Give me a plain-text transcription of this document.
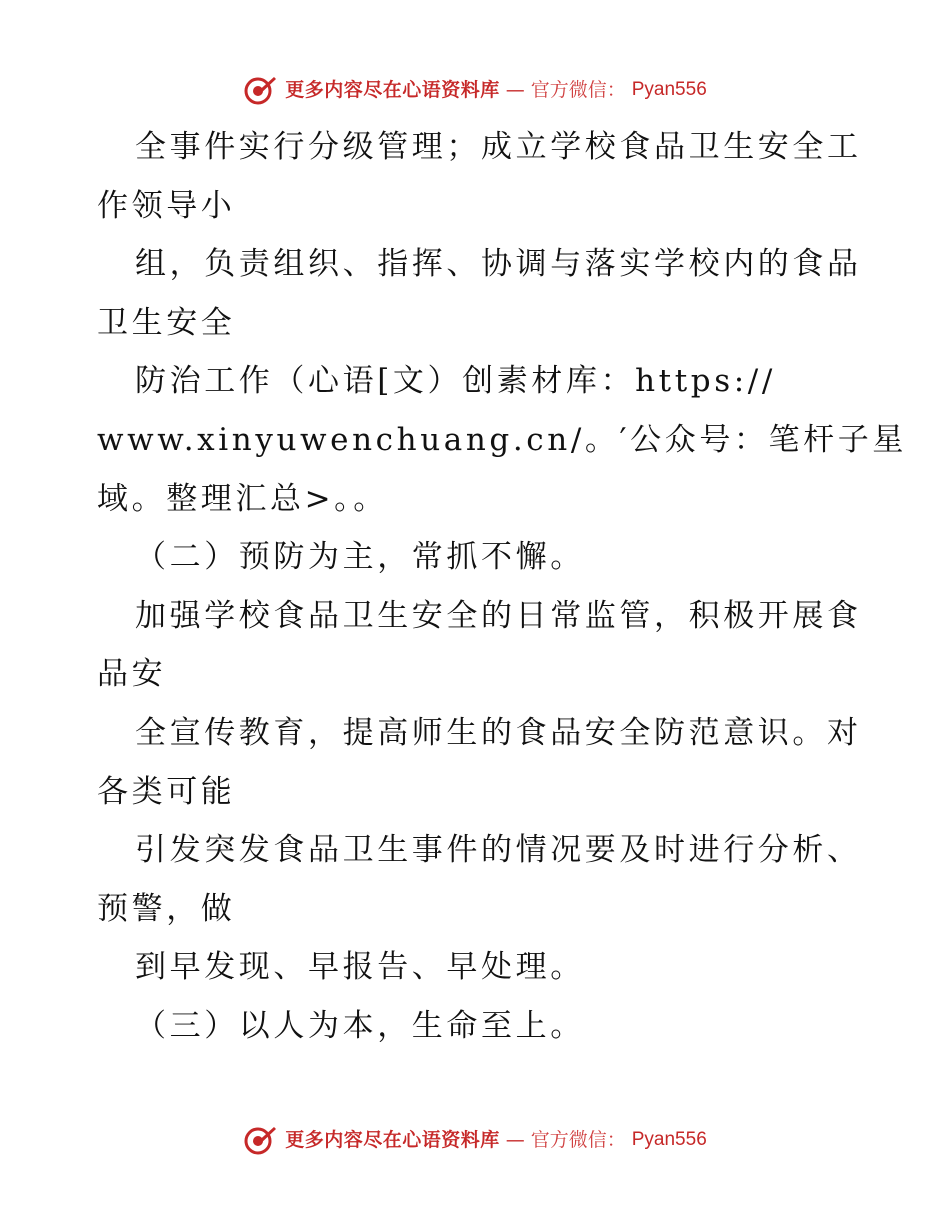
更多内容尽在心语资料库 — 官方微信： Pyan556

全事件实行分级管理；成立学校食品卫生安全工

作领导小

组，负责组织、指挥、协调与落实学校内的食品

卫生安全

防治工作（心语[文）创素材库：https://

www.xinyuwenchuang.cn/。′公众号：笔杆子星

域。整理汇总>。。

（二）预防为主，常抓不懈。

加强学校食品卫生安全的日常监管，积极开展食

品安

全宣传教育，提高师生的食品安全防范意识。对

各类可能

引发突发食品卫生事件的情况要及时进行分析、

预警，做

到早发现、早报告、早处理。

（三）以人为本，生命至上。

更多内容尽在心语资料库 — 官方微信： Pyan556
